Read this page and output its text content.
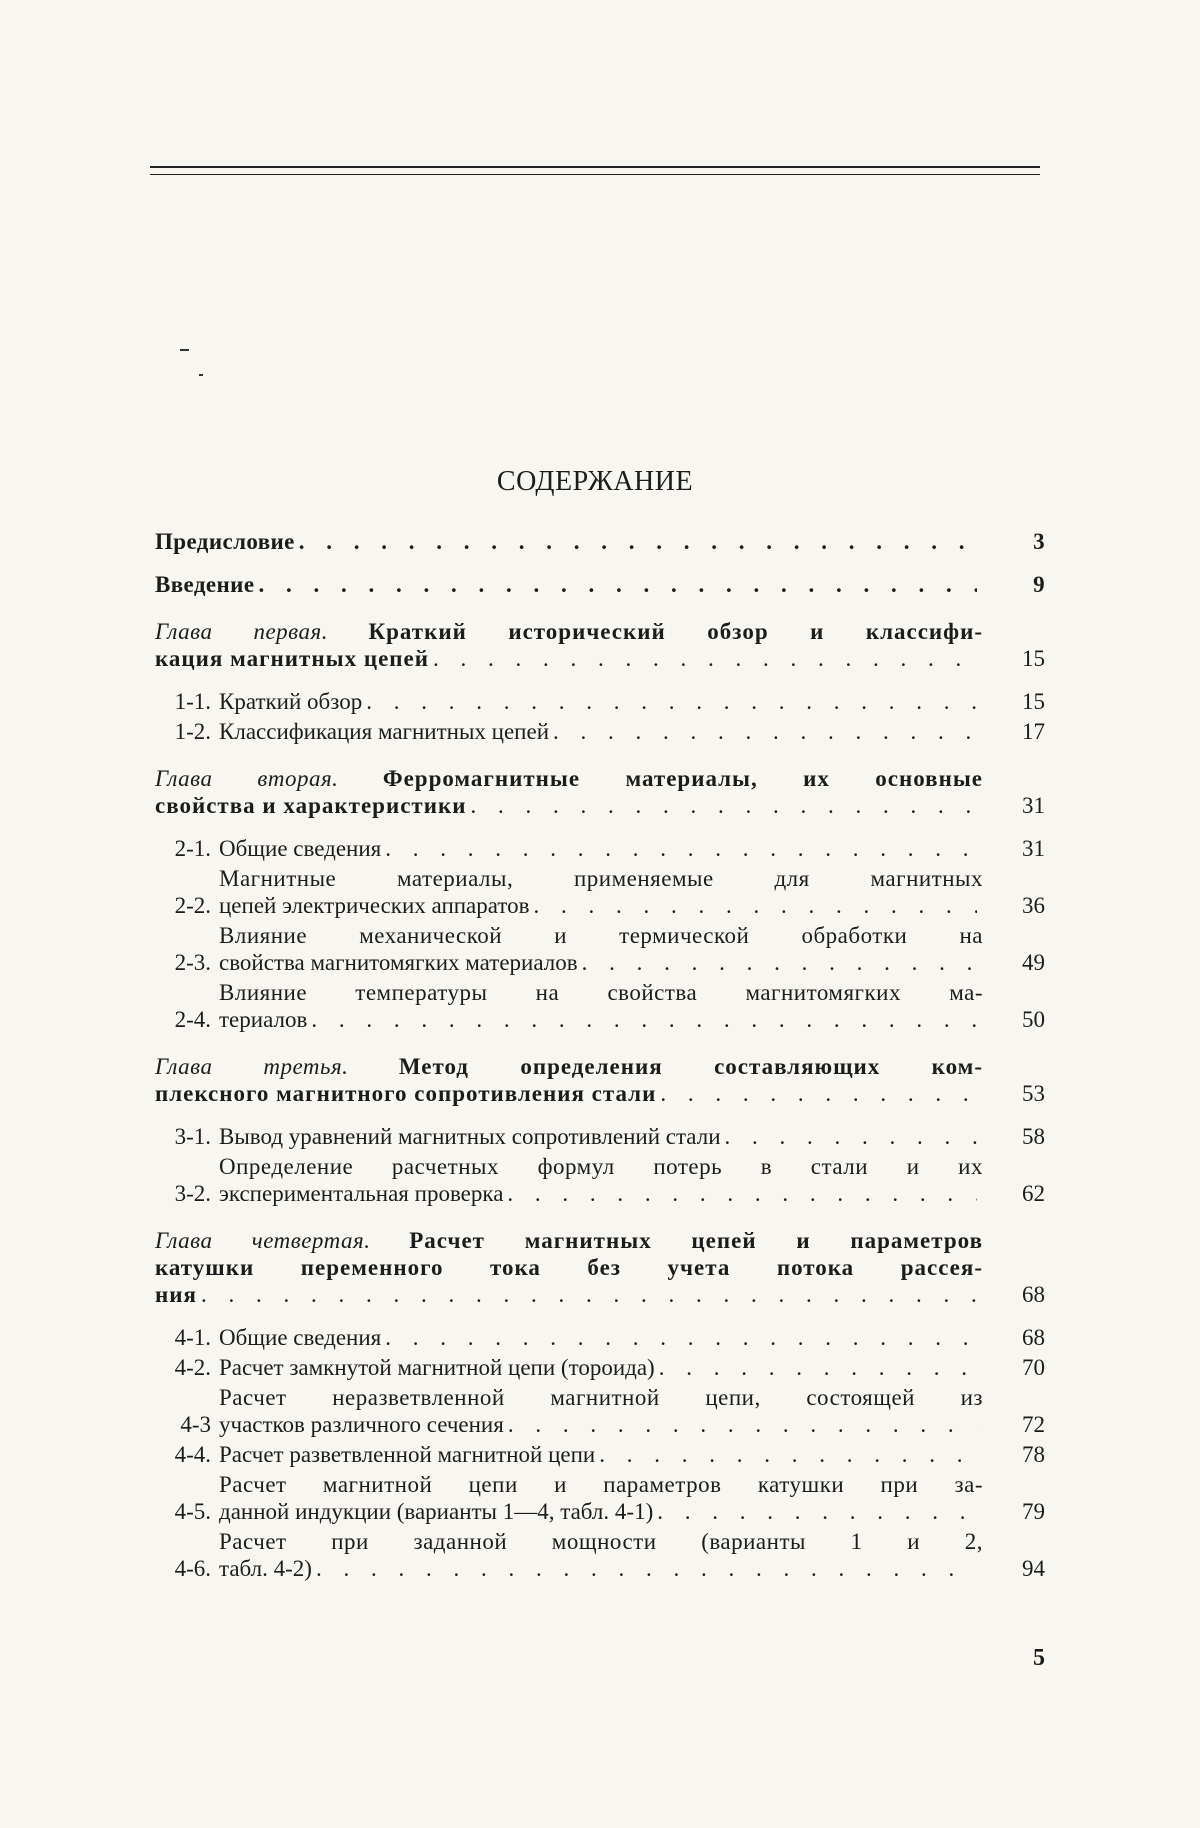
СОДЕРЖАНИЕ
Предисловие . . .	3
Введение . . .	9
Глава первая. Краткий исторический обзор и классифи-
кация магнитных цепей . . .	15
1-1. Краткий обзор . . .	15
1-2. Классификация магнитных цепей . . .	17
Глава вторая. Ферромагнитные материалы, их основные
свойства и характеристики . . .	31
2-1. Общие сведения . . .	31
2-2.
Магнитные материалы, применяемые для магнитных
цепей электрических аппаратов . . .	36
2-3.
Влияние механической и термической обработки на
свойства магнитомягких материалов . . .	49
2-4.
Влияние температуры на свойства магнитомягких ма-
териалов . . .	50
Глава третья. Метод определения составляющих ком-
плексного магнитного сопротивления стали . . .	53
3-1. Вывод уравнений магнитных сопротивлений стали . . .	58
3-2.
Определение расчетных формул потерь в стали и их
экспериментальная проверка . . .	62
Глава четвертая. Расчет магнитных цепей и параметров
катушки переменного тока без учета потока рассея-
ния . . .	68
4-1. Общие сведения . . .	68
4-2. Расчет замкнутой магнитной цепи (тороида) . . .	70
4-3
Расчет неразветвленной магнитной цепи, состоящей из
участков различного сечения . . .	72
4-4. Расчет разветвленной магнитной цепи . . .	78
4-5.
Расчет магнитной цепи и параметров катушки при за-
данной индукции (варианты 1—4, табл. 4-1) . . .	79
4-6.
Расчет при заданной мощности (варианты 1 и 2,
табл. 4-2) . . .	94
5
